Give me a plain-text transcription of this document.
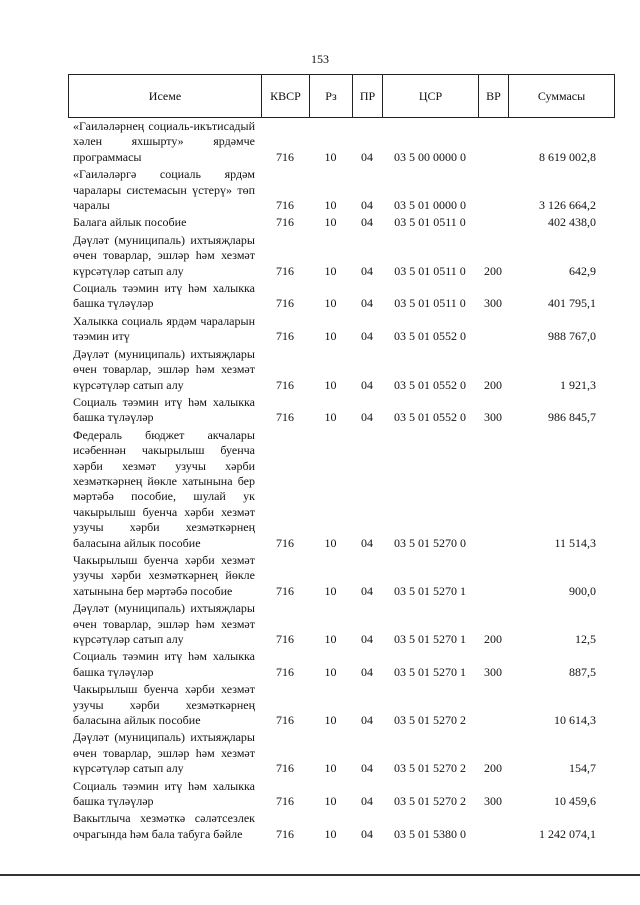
153
Исеме	КВСР	Рз	ПР	ЦСР	ВР	Суммасы
«Гаиләләрнең социаль-икътисадый хәлен яхшырту» ярдәмче программасы	716	10	04	03 5 00 0000 0		8 619 002,8
«Гаиләләргә социаль ярдәм чаралары системасын үстерү» төп чаралы	716	10	04	03 5 01 0000 0		3 126 664,2
Балага айлык пособие	716	10	04	03 5 01 0511 0		402 438,0
Дәүләт (муниципаль) ихтыяҗлары өчен товарлар, эшләр һәм хезмәт күрсәтүләр сатып алу	716	10	04	03 5 01 0511 0	200	642,9
Социаль тәэмин итү һәм халыкка башка түләүләр	716	10	04	03 5 01 0511 0	300	401 795,1
Халыкка социаль ярдәм чараларын тәэмин итү	716	10	04	03 5 01 0552 0		988 767,0
Дәүләт (муниципаль) ихтыяҗлары өчен товарлар, эшләр һәм хезмәт күрсәтүләр сатып алу	716	10	04	03 5 01 0552 0	200	1 921,3
Социаль тәэмин итү һәм халыкка башка түләүләр	716	10	04	03 5 01 0552 0	300	986 845,7
Федераль бюджет акчалары исәбеннән чакырылыш буенча хәрби хезмәт узучы хәрби хезмәткәрнең йөкле хатынына бер мәртәбә пособие, шулай ук чакырылыш буенча хәрби хезмәт узучы хәрби хезмәткәрнең баласына айлык пособие	716	10	04	03 5 01 5270 0		11 514,3
Чакырылыш буенча хәрби хезмәт узучы хәрби хезмәткәрнең йөкле хатынына бер мәртәбә пособие	716	10	04	03 5 01 5270 1		900,0
Дәүләт (муниципаль) ихтыяҗлары өчен товарлар, эшләр һәм хезмәт күрсәтүләр сатып алу	716	10	04	03 5 01 5270 1	200	12,5
Социаль тәэмин итү һәм халыкка башка түләүләр	716	10	04	03 5 01 5270 1	300	887,5
Чакырылыш буенча хәрби хезмәт узучы хәрби хезмәткәрнең баласына айлык пособие	716	10	04	03 5 01 5270 2		10 614,3
Дәүләт (муниципаль) ихтыяҗлары өчен товарлар, эшләр һәм хезмәт күрсәтүләр сатып алу	716	10	04	03 5 01 5270 2	200	154,7
Социаль тәэмин итү һәм халыкка башка түләүләр	716	10	04	03 5 01 5270 2	300	10 459,6
Вакытлыча хезмәткә сәләтсезлек очрагында һәм бала табуга бәйле	716	10	04	03 5 01 5380 0		1 242 074,1
